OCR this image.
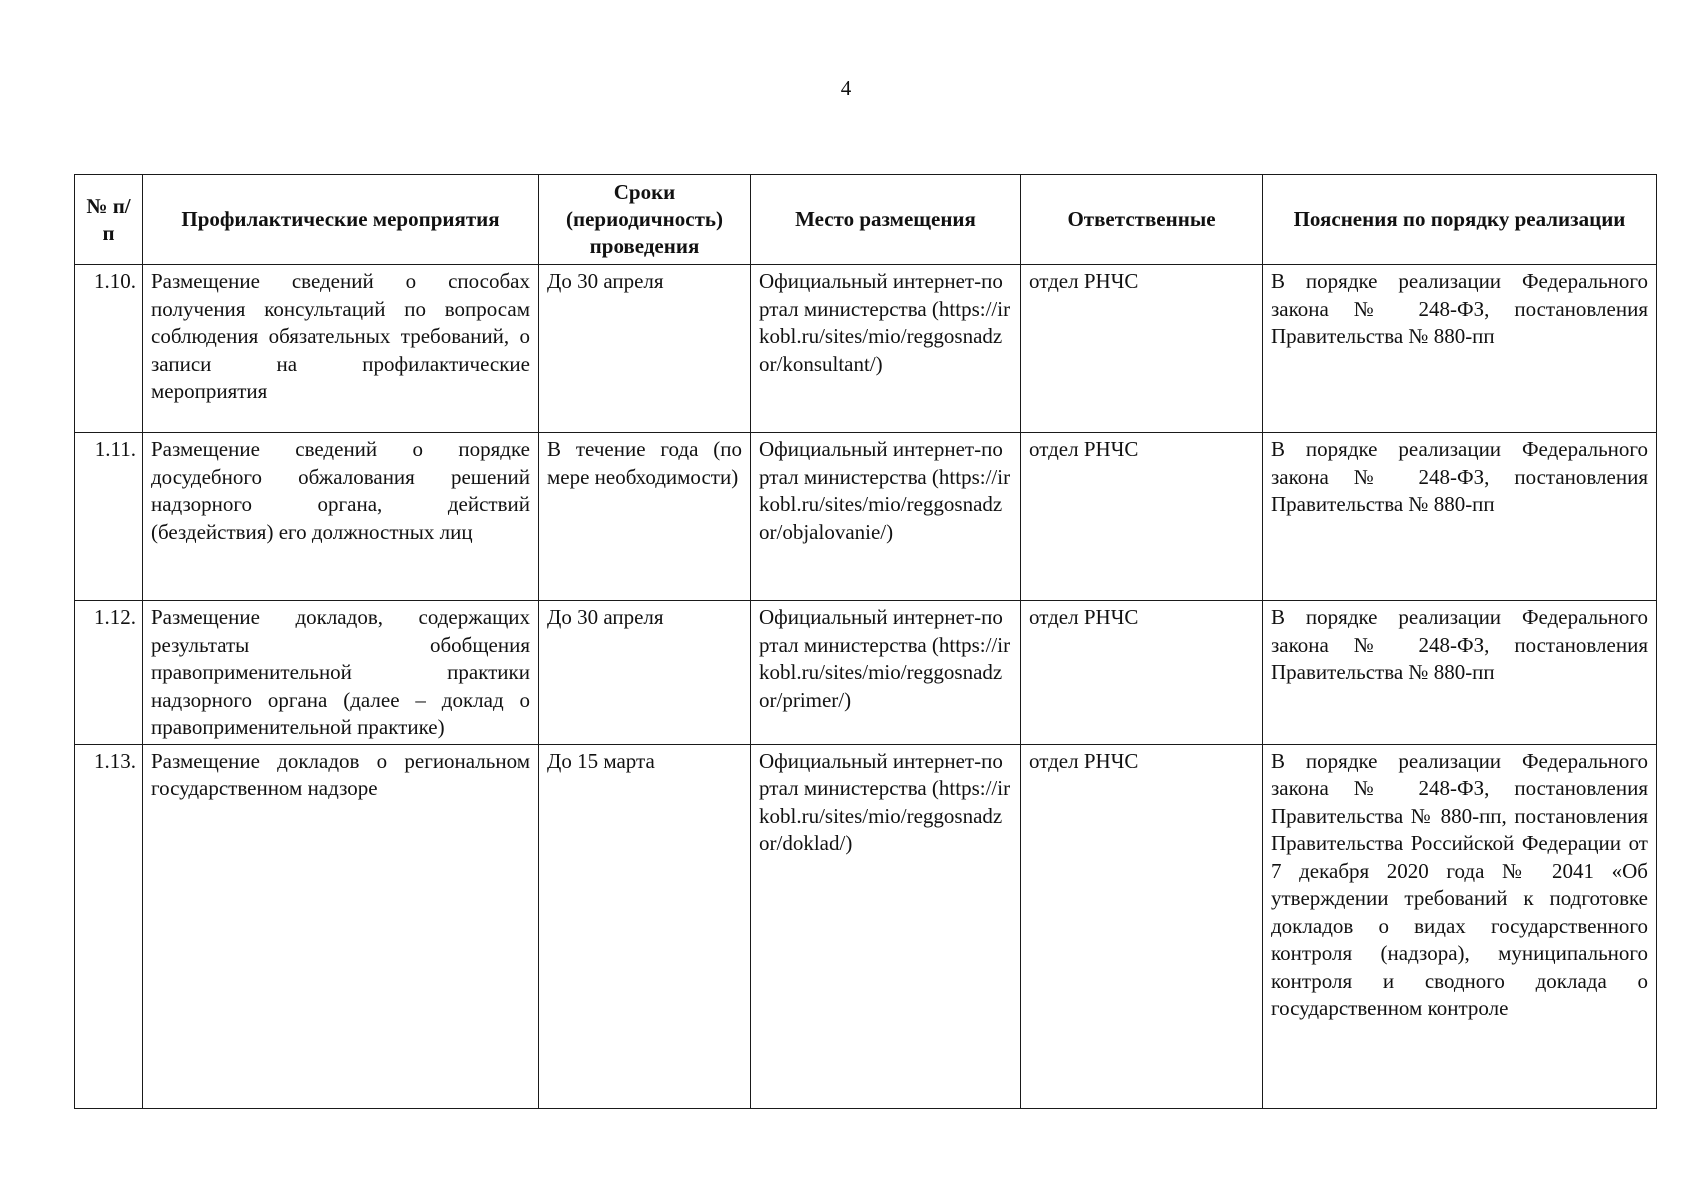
4
№ п/п	Профилактические мероприятия	Сроки (периодичность) проведения	Место размещения	Ответственные	Пояснения по порядку реализации
1.10.	Размещение сведений о способах получения консультаций по вопросам соблюдения обязательных требований, о записи на профилактические мероприятия	До 30 апреля	Официальный интернет-портал министерства (https://irkobl.ru/sites/mio/reggosnadzor/konsultant/)	отдел РНЧС	В порядке реализации Федерального закона № 248-ФЗ, постановления Правительства № 880-пп
1.11.	Размещение сведений о порядке досудебного обжалования решений надзорного органа, действий (бездействия) его должностных лиц	В течение года (по мере необходимости)	Официальный интернет-портал министерства (https://irkobl.ru/sites/mio/reggosnadzor/objalovanie/)	отдел РНЧС	В порядке реализации Федерального закона № 248-ФЗ, постановления Правительства № 880-пп
1.12.	Размещение докладов, содержащих результаты обобщения правоприменительной практики надзорного органа (далее – доклад о правоприменительной практике)	До 30 апреля	Официальный интернет-портал министерства (https://irkobl.ru/sites/mio/reggosnadzor/primer/)	отдел РНЧС	В порядке реализации Федерального закона № 248-ФЗ, постановления Правительства № 880-пп
1.13.	Размещение докладов о региональном государственном надзоре	До 15 марта	Официальный интернет-портал министерства (https://irkobl.ru/sites/mio/reggosnadzor/doklad/)	отдел РНЧС	В порядке реализации Федерального закона № 248-ФЗ, постановления Правительства № 880-пп, постановления Правительства Российской Федерации от 7 декабря 2020 года № 2041 «Об утверждении требований к подготовке докладов о видах государственного контроля (надзора), муниципального контроля и сводного доклада о государственном контроле
